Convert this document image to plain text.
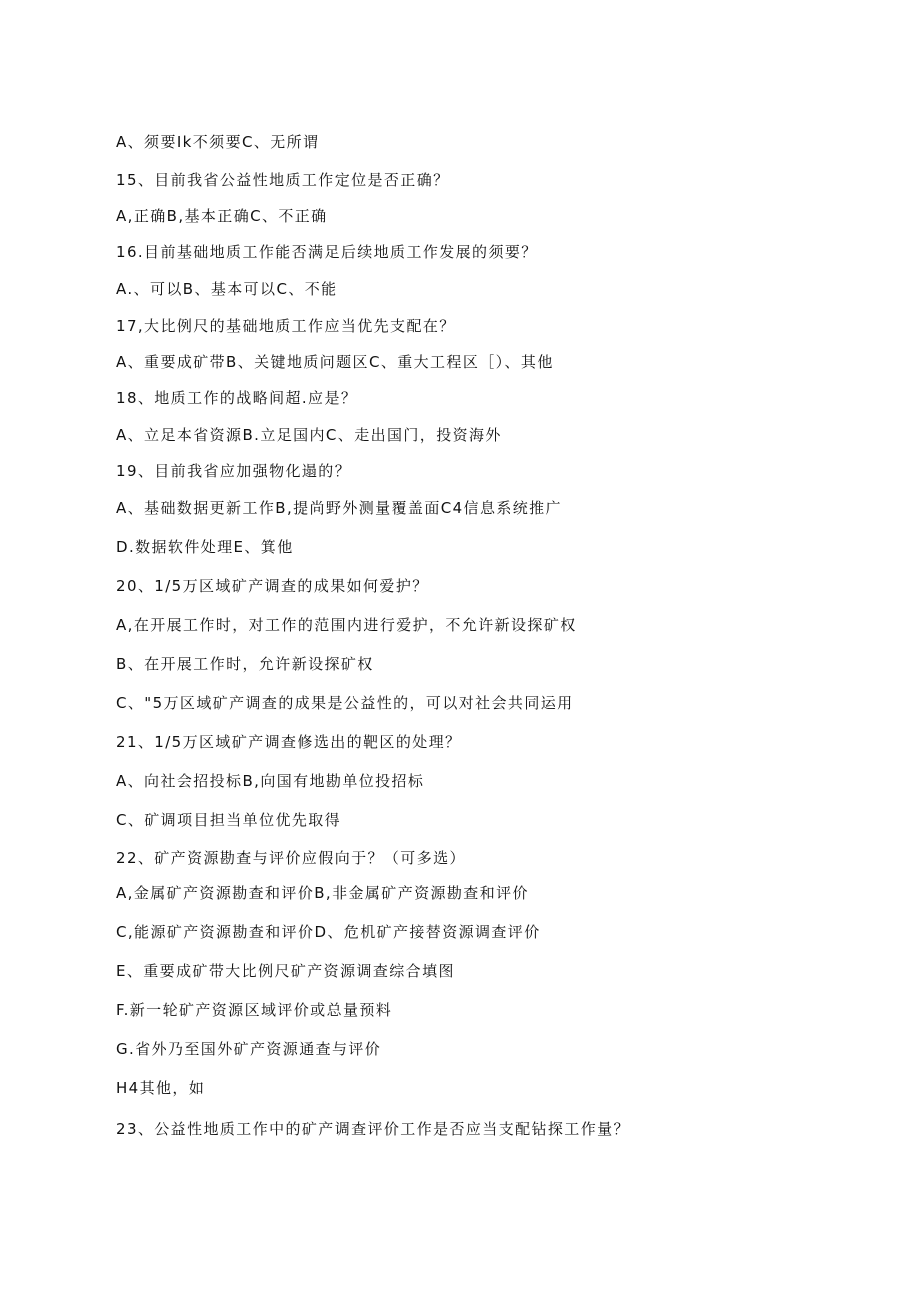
A、须要Ik不须要C、无所谓
15、目前我省公益性地质工作定位是否正确？
A,正确B,基本正确C、不正确
16.目前基础地质工作能否满足后续地质工作发展的须要？
A.、可以B、基本可以C、不能
17,大比例尺的基础地质工作应当优先支配在？
A、重要成矿带B、关键地质问题区C、重大工程区［）、其他
18、地质工作的战略间超.应是？
A、立足本省资源B.立足国内C、走出国门，投资海外
19、目前我省应加强物化遢的？
A、基础数据更新工作B,提尚野外测量覆盖面C4信息系统推广
D.数据软件处理E、箕他
20、1/5万区域矿产调查的成果如何爱护？
A,在开展工作时，对工作的范围内进行爱护，不允许新设探矿权
B、在开展工作时，允许新设探矿权
C、"5万区域矿产调查的成果是公益性的，可以对社会共同运用
21、1/5万区域矿产调查修选出的靶区的处理？
A、向社会招投标B,向国有地勘单位投招标
C、矿调项目担当单位优先取得
22、矿产资源勘查与评价应假向于？（可多选）
A,金属矿产资源勘查和评价B,非金属矿产资源勘查和评价
C,能源矿产资源勘查和评价D、危机矿产接替资源调查评价
E、重要成矿带大比例尺矿产资源调查综合填图
F.新一轮矿产资源区域评价或总量预料
G.省外乃至国外矿产资源通查与评价
H4其他，如
23、公益性地质工作中的矿产调查评价工作是否应当支配钻探工作量？
